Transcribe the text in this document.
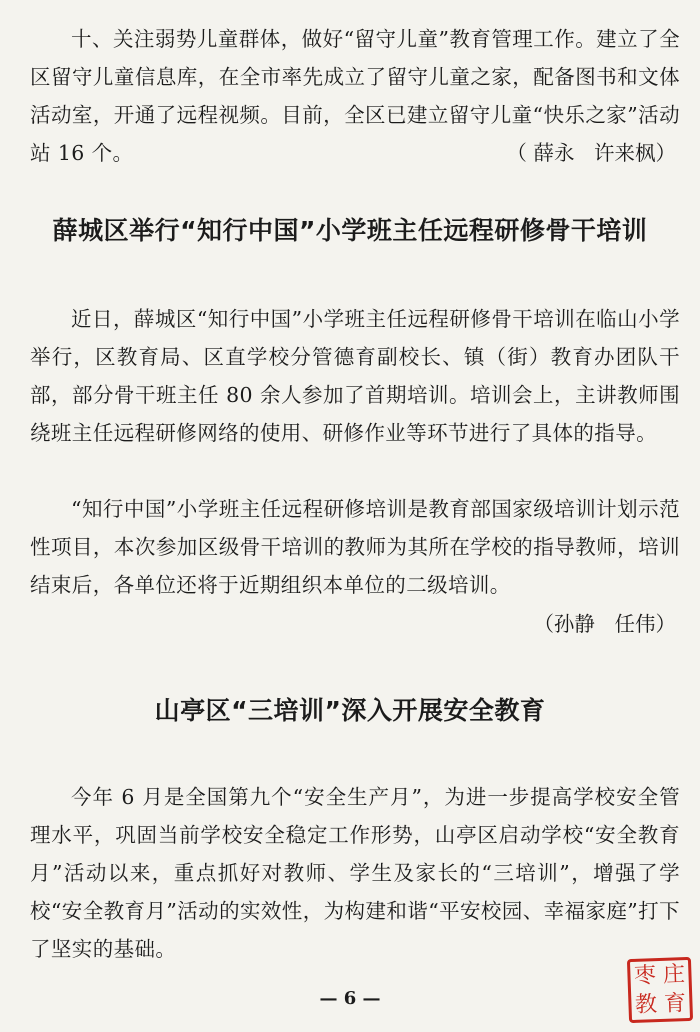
十、关注弱势儿童群体，做好“留守儿童”教育管理工作。建立了全区留守儿童信息库，在全市率先成立了留守儿童之家，配备图书和文体活动室，开通了远程视频。目前，全区已建立留守儿童“快乐之家”活动站 16 个。	（ 薛永   许来枫）

薛城区举行“知行中国”小学班主任远程研修骨干培训

近日，薛城区“知行中国”小学班主任远程研修骨干培训在临山小学举行，区教育局、区直学校分管德育副校长、镇（街）教育办团队干部，部分骨干班主任 80 余人参加了首期培训。培训会上，主讲教师围绕班主任远程研修网络的使用、研修作业等环节进行了具体的指导。

“知行中国”小学班主任远程研修培训是教育部国家级培训计划示范性项目，本次参加区级骨干培训的教师为其所在学校的指导教师，培训结束后，各单位还将于近期组织本单位的二级培训。

（孙静   任伟）

山亭区“三培训”深入开展安全教育

今年 6 月是全国第九个“安全生产月”，为进一步提高学校安全管理水平，巩固当前学校安全稳定工作形势，山亭区启动学校“安全教育月”活动以来，重点抓好对教师、学生及家长的“三培训”，增强了学校“安全教育月”活动的实效性，为构建和谐“平安校园、幸福家庭”打下了坚实的基础。

— 6 —

枣 庄
教 育
